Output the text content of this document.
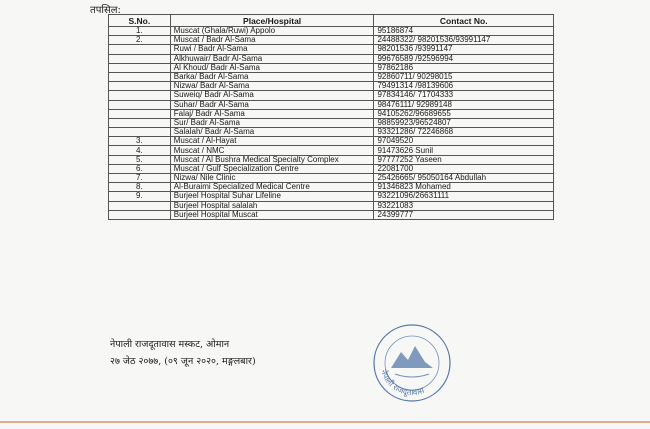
तपसिल:
S.No.	Place/Hospital	Contact No.
1.	Muscat (Ghala/Ruwi) Appolo	95186874
2.	Muscat / Badr Al-Sama	24488322/ 98201536/93991147
	Ruwi / Badr Al-Sama	98201536 /93991147
	Alkhuwair/ Badr Al-Sama	99676589 /92596994
	Al Khoud/ Badr Al-Sama	97862186
	Barka/ Badr Al-Sama	92860711/ 90298015
	Nizwa/ Badr Al-Sama	79491314 /98139606
	Suweiq/ Badr Al-Sama	97834146/ 71704333
	Suhar/ Badr Al-Sama	98476111/ 92989148
	Falaj/ Badr Al-Sama	94105262/96689655
	Sur/ Badr Al-Sama	98859923/96524807
	Salalah/ Badr Al-Sama	93321286/ 72246868
3.	Muscat / Al-Hayat	97049520
4.	Muscat / NMC	91473626 Sunil
5.	Muscat / Al Bushra Medical Specialty Complex	97777252 Yaseen
6.	Muscat / Gulf Specialization Centre	22081700
7.	Nizwa/ Nile Clinic	25426665/ 95050164 Abdullah
8.	Al-Buraimi Specialized Medical Centre	91346823 Mohamed
9.	Burjeel Hospital Suhar Lifeline	93221096/26631111
	Burjeel Hospital salalah	93221083
	Burjeel Hospital Muscat	24399777
नेपाली राजदूतावास मस्कट, ओमान
२७ जेठ २०७७, (०९ जून २०२०, मङ्गलबार)
नेपाली राजदूतावास
